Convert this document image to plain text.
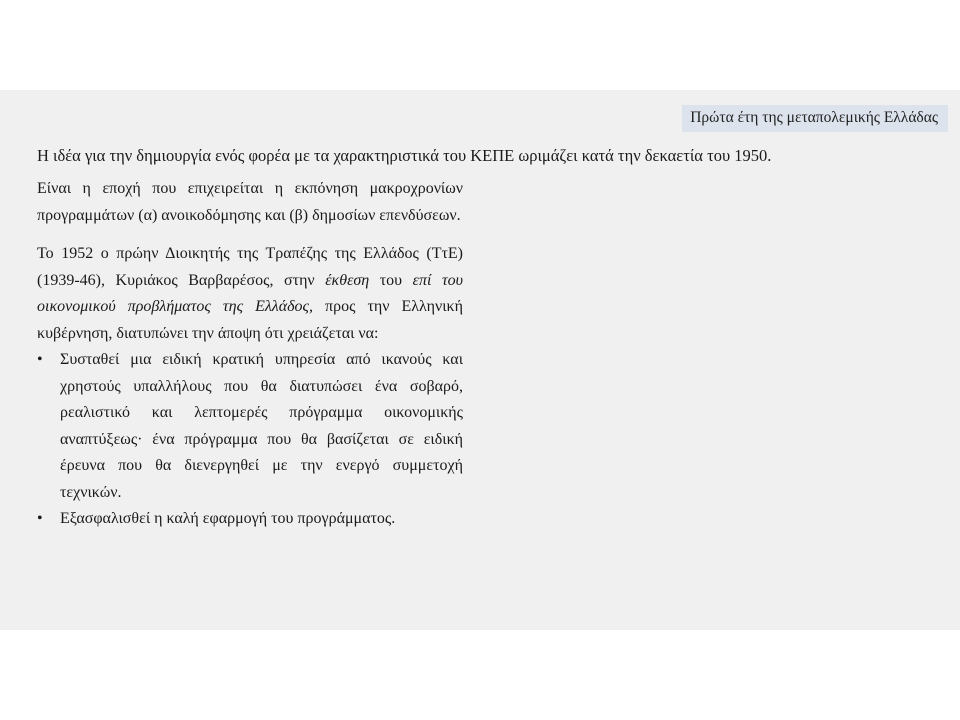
Πρώτα έτη της μεταπολεμικής Ελλάδας
Η ιδέα για την δημιουργία ενός φορέα με τα χαρακτηριστικά του ΚΕΠΕ ωριμάζει κατά την δεκαετία του 1950.

Είναι η εποχή που επιχειρείται η εκπόνηση μακροχρονίων προγραμμάτων (α) ανοικοδόμησης και (β) δημοσίων επενδύσεων.

Το 1952 ο πρώην Διοικητής της Τραπέζης της Ελλάδος (ΤτΕ) (1939-46), Κυριάκος Βαρβαρέσος, στην έκθεση του επί του οικονομικού προβλήματος της Ελλάδος, προς την Ελληνική κυβέρνηση, διατυπώνει την άποψη ότι χρειάζεται να:

• Συσταθεί μια ειδική κρατική υπηρεσία από ικανούς και χρηστούς υπαλλήλους που θα διατυπώσει ένα σοβαρό, ρεαλιστικό και λεπτομερές πρόγραμμα οικονομικής αναπτύξεως· ένα πρόγραμμα που θα βασίζεται σε ειδική έρευνα που θα διενεργηθεί με την ενεργό συμμετοχή τεχνικών.
• Εξασφαλισθεί η καλή εφαρμογή του προγράμματος.
